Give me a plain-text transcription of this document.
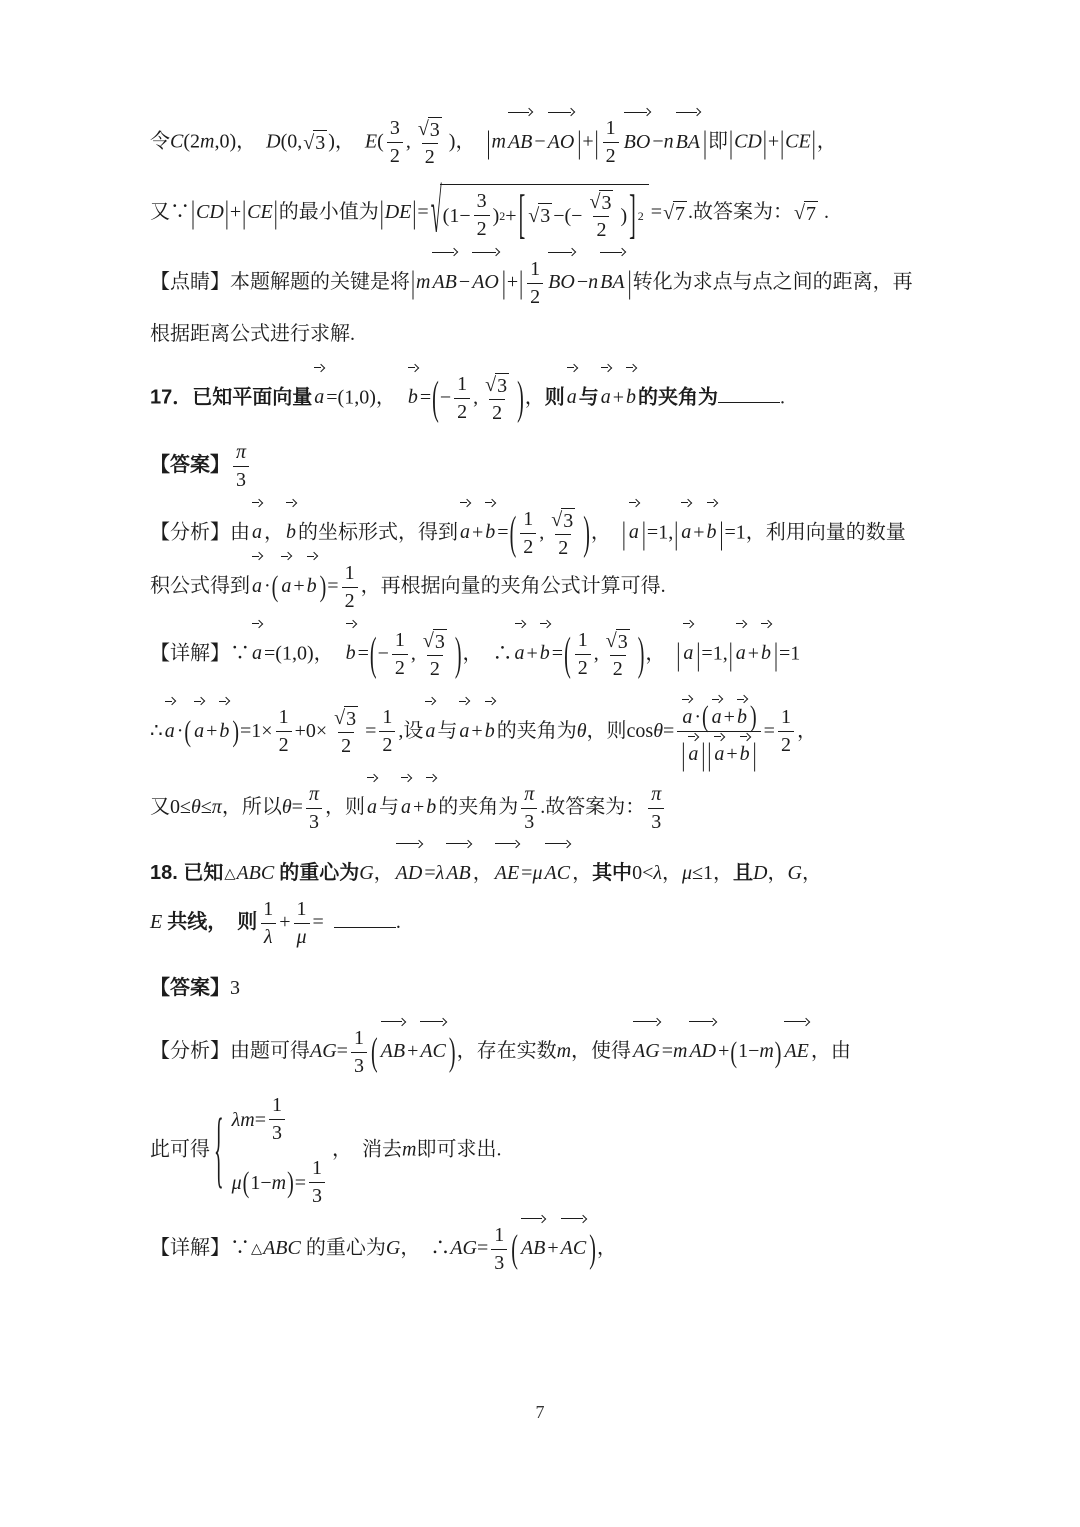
令C(2m,0)， D(0, √ 3 )， $E( \frac{3}{2}$ , $\frac{√ 3}{2}$ )， |m AB − AO |+| $\frac{1}{2}$ BO −n BA |即|CD|+|CE|，
又∵|CD|+|CE|的最小值为|DE|= √ (1−
3
2
) 2 + [ √ 3 −(−
√ 3
2
) ] 2 = √ 7 .故答案为： √ 7 .
【点睛】本题解题的关键是将|m AB − AO |+| $\frac{1}{2}$ BO −n BA |转化为求点与点之间的距离，再
根据距离公式进行求解.
17．已知平面向量 a =(1,0)， b =(− $\frac{1}{2}$ , $\frac{√ 3}{2}$ )，则 a 与 a + b 的夹角为	.
【答案】 $\frac{\pi}{3}$
【分析】由 a ， b 的坐标形式，得到 a + b =( $\frac{1}{2}$ , $\frac{√ 3}{2}$ )， | a |=1,| a + b |=1，利用向量的数量
积公式得到 a ·( a + b )= $\frac{1}{2}$ ，再根据向量的夹角公式计算可得.
【详解】∵ a =(1,0)， b =(− $\frac{1}{2}$ , $\frac{√ 3}{2}$ )， ∴ a + b =( $\frac{1}{2}$ , $\frac{√ 3}{2}$ )， | a |=1,| a + b |=1
∴ a ·( a + b )$=1\times \frac{1}{2} +0\times \frac{√ 3}{2} = \frac{1}{2}$ ,设 a 与 a + b 的夹角为θ，则$\cos\theta= \frac{a \cdot( a + b )}{| a | | a + b |} = \frac{1}{2}$ ，
又0≤θ≤π，所以$\theta= \frac{\pi}{3}$ ，则 a 与 a + b 的夹角为 $\frac{\pi}{3}$ .故答案为： $\frac{\pi}{3}$
18. 已知△ABC 的重心为G， AD =λ AB ， AE =μ AC ，其中0<λ，μ≤1，且D，G，
E 共线， 则 $\frac{1}{\lambda} + \frac{1}{\mu}$ = 	.
【答案】3
【分析】由题可得$AG= \frac{1}{3}$ ( AB + AC )，存在实数m，使得 AG =m AD +(1−m) AE ，由
此可得 { λm =
1
3
μ ( 1− m ) =
1
3
， 消去m即可求出.
【详解】∵△ABC 的重心为G， ∴AG= $\frac{1}{3}$ ( AB + AC )，
7
